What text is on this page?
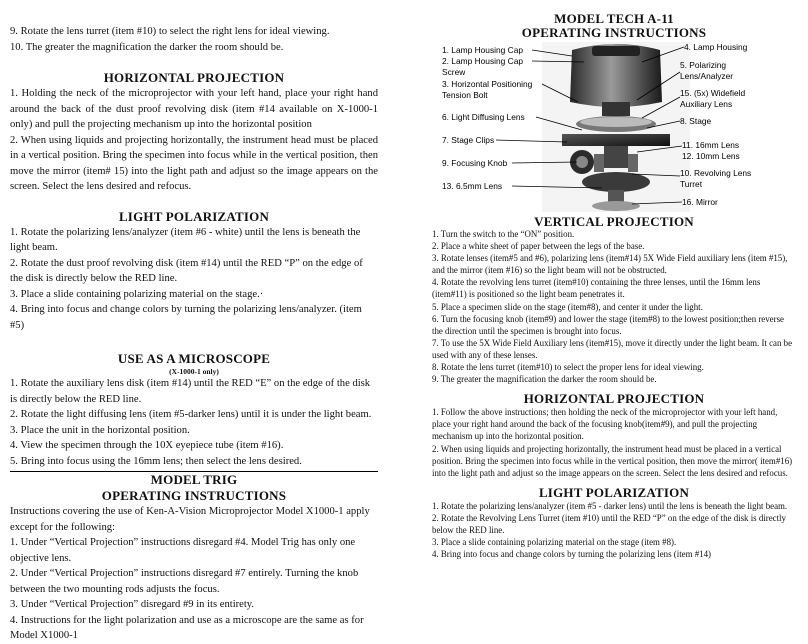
9. Rotate the lens turret (item #10) to select the right lens for ideal viewing.

10. The greater the magnification the darker the room should be.

HORIZONTAL PROJECTION

1. Holding the neck of the microprojector with your left hand, place your right hand around the back of the dust proof revolving disk (item #14 available on X-1000-1 only) and pull the projecting mechanism up into the horizontal position

2. When using liquids and projecting horizontally, the instrument head must be placed in a vertical position. Bring the specimen into focus while in the vertical position, then move the mirror (item# 15) into the light path and adjust so the image appears on the screen. Select the lens desired and refocus.

LIGHT POLARIZATION

1. Rotate the polarizing lens/analyzer (item #6 - white) until the lens is beneath the light beam.

2. Rotate the dust proof revolving disk (item #14) until the RED “P” on the edge of the disk is directly below the RED line.

3. Place a slide containing polarizing material on the stage.·

4. Bring into focus and change colors by turning the polarizing lens/analyzer. (item #5)

USE AS A MICROSCOPE

(X-1000-1 only)

1. Rotate the auxiliary lens disk (item #14) until the RED “E” on the edge of the disk is directly below the RED line.

2. Rotate the light diffusing lens (item #5-darker lens) until it is under the light beam.

3. Place the unit in the horizontal position.

4. View the specimen through the 10X eyepiece tube (item #16).

5. Bring into focus using the 16mm lens; then select the lens desired.

MODEL TRIG
OPERATING INSTRUCTIONS

Instructions covering the use of Ken-A-Vision Microprojector Model X1000-1 apply except for the following:

1. Under “Vertical Projection” instructions disregard #4. Model Trig has only one objective lens.

2. Under “Vertical Projection” instructions disregard #7 entirely. Turning the knob between the two mounting rods adjusts the focus.

3. Under “Vertical Projection” disregard #9 in its entirety.

4. Instructions for the light polarization and use as a microscope are the same as for Model X1000-1

MODEL TECH A-11
OPERATING INSTRUCTIONS
1. Lamp Housing Cap
2. Lamp Housing Cap
Screw
3. Horizontal Positioning
Tension Bolt
6. Light Diffusing Lens
7. Stage Clips
9. Focusing Knob
13. 6.5mm Lens
4. Lamp Housing
5. Polarizing
Lens/Analyzer
15. (5x) Widefield
Auxiliary Lens
8. Stage
11. 16mm Lens
12. 10mm Lens
10. Revolving Lens
Turret
16. Mirror
VERTICAL PROJECTION

1. Turn the switch to the “ON” position.

2. Place a white sheet of paper between the legs of the base.

3. Rotate lenses (item#5 and #6), polarizing lens (item#14) 5X Wide Field auxiliary lens (item #15), and the mirror (item #16) so the light beam will not be obstructed.

4. Rotate the revolving lens turret (item#10) containing the three lenses, until the 16mm lens (item#11) is positioned so the light beam penetrates it.

5. Place a specimen slide on the stage (item#8), and center it under the light.

6. Turn the focusing knob (item#9) and lower the stage (item#8) to the lowest position;then reverse the direction until the specimen is brought into focus.

7. To use the 5X Wide Field Auxiliary lens (item#15), move it directly under the light beam. It can be used with any of these lenses.

8. Rotate the lens turret (item#10) to select the proper lens for ideal viewing.

9. The greater the magnification the darker the room should be.

HORIZONTAL PROJECTION

1. Follow the above instructions; then holding the neck of the microprojector with your left hand, place your right hand around the back of the focusing knob(item#9), and pull the projecting mechanism up into the horizontal position.

2. When using liquids and projecting horizontally, the instrument head must be placed in a vertical position. Bring the specimen into focus while in the vertical position, then move the mirror( item#16) into the light path and adjust so the image appears on the screen. Select the lens desired and refocus.

LIGHT POLARIZATION

1. Rotate the polarizing lens/analyzer (item #5 - darker lens) until the lens is beneath the light beam.

2. Rotate the Revolving Lens Turret (item #10) until the RED “P” on the edge of the disk is directly below the RED line.

3. Place a slide containing polarizing material on the stage (item #8).

4. Bring into focus and change colors by turning the polarizing lens (item #14)
